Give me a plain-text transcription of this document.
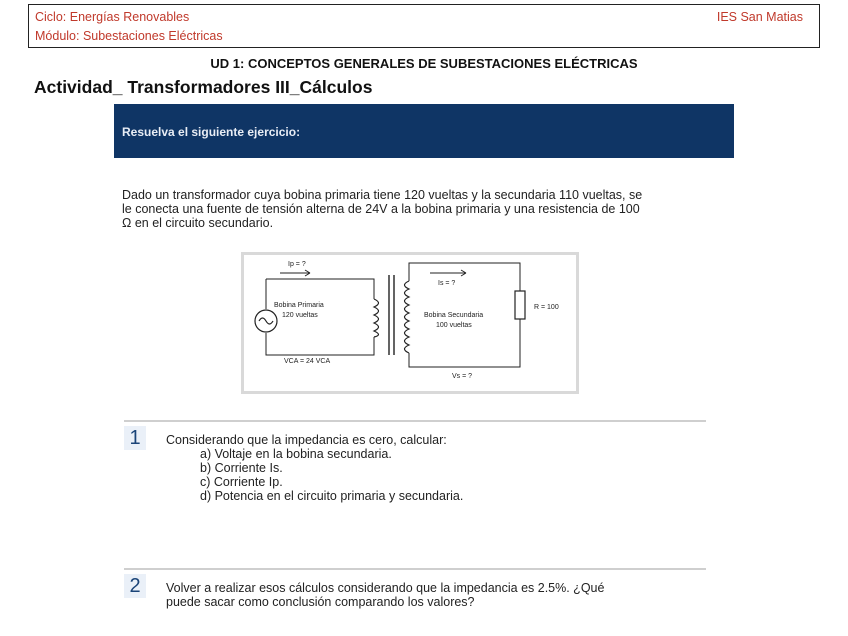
Ciclo: Energías Renovables
Módulo: Subestaciones Eléctricas
IES San Matias
UD 1: CONCEPTOS GENERALES DE SUBESTACIONES ELÉCTRICAS
Actividad_ Transformadores III_Cálculos
Resuelva el siguiente ejercicio:
Dado un transformador cuya bobina primaria tiene 120 vueltas y la secundaria 110 vueltas, se
le conecta una fuente de tensión alterna de 24V a la bobina primaria y una resistencia de 100
Ω en el circuito secundario.
Ip = ?
Bobina Primaria
120 vueltas
R = 100
Is = ?
Bobina Secundaria
100 vueltas
VCA = 24 VCA
Vs = ?
1	Considerando que la impedancia es cero, calcular:
a) Voltaje en la bobina secundaria.
b) Corriente Is.
c) Corriente Ip.
d) Potencia en el circuito primaria y secundaria.
2	Volver a realizar esos cálculos considerando que la impedancia es 2.5%. ¿Qué
puede sacar como conclusión comparando los valores?
